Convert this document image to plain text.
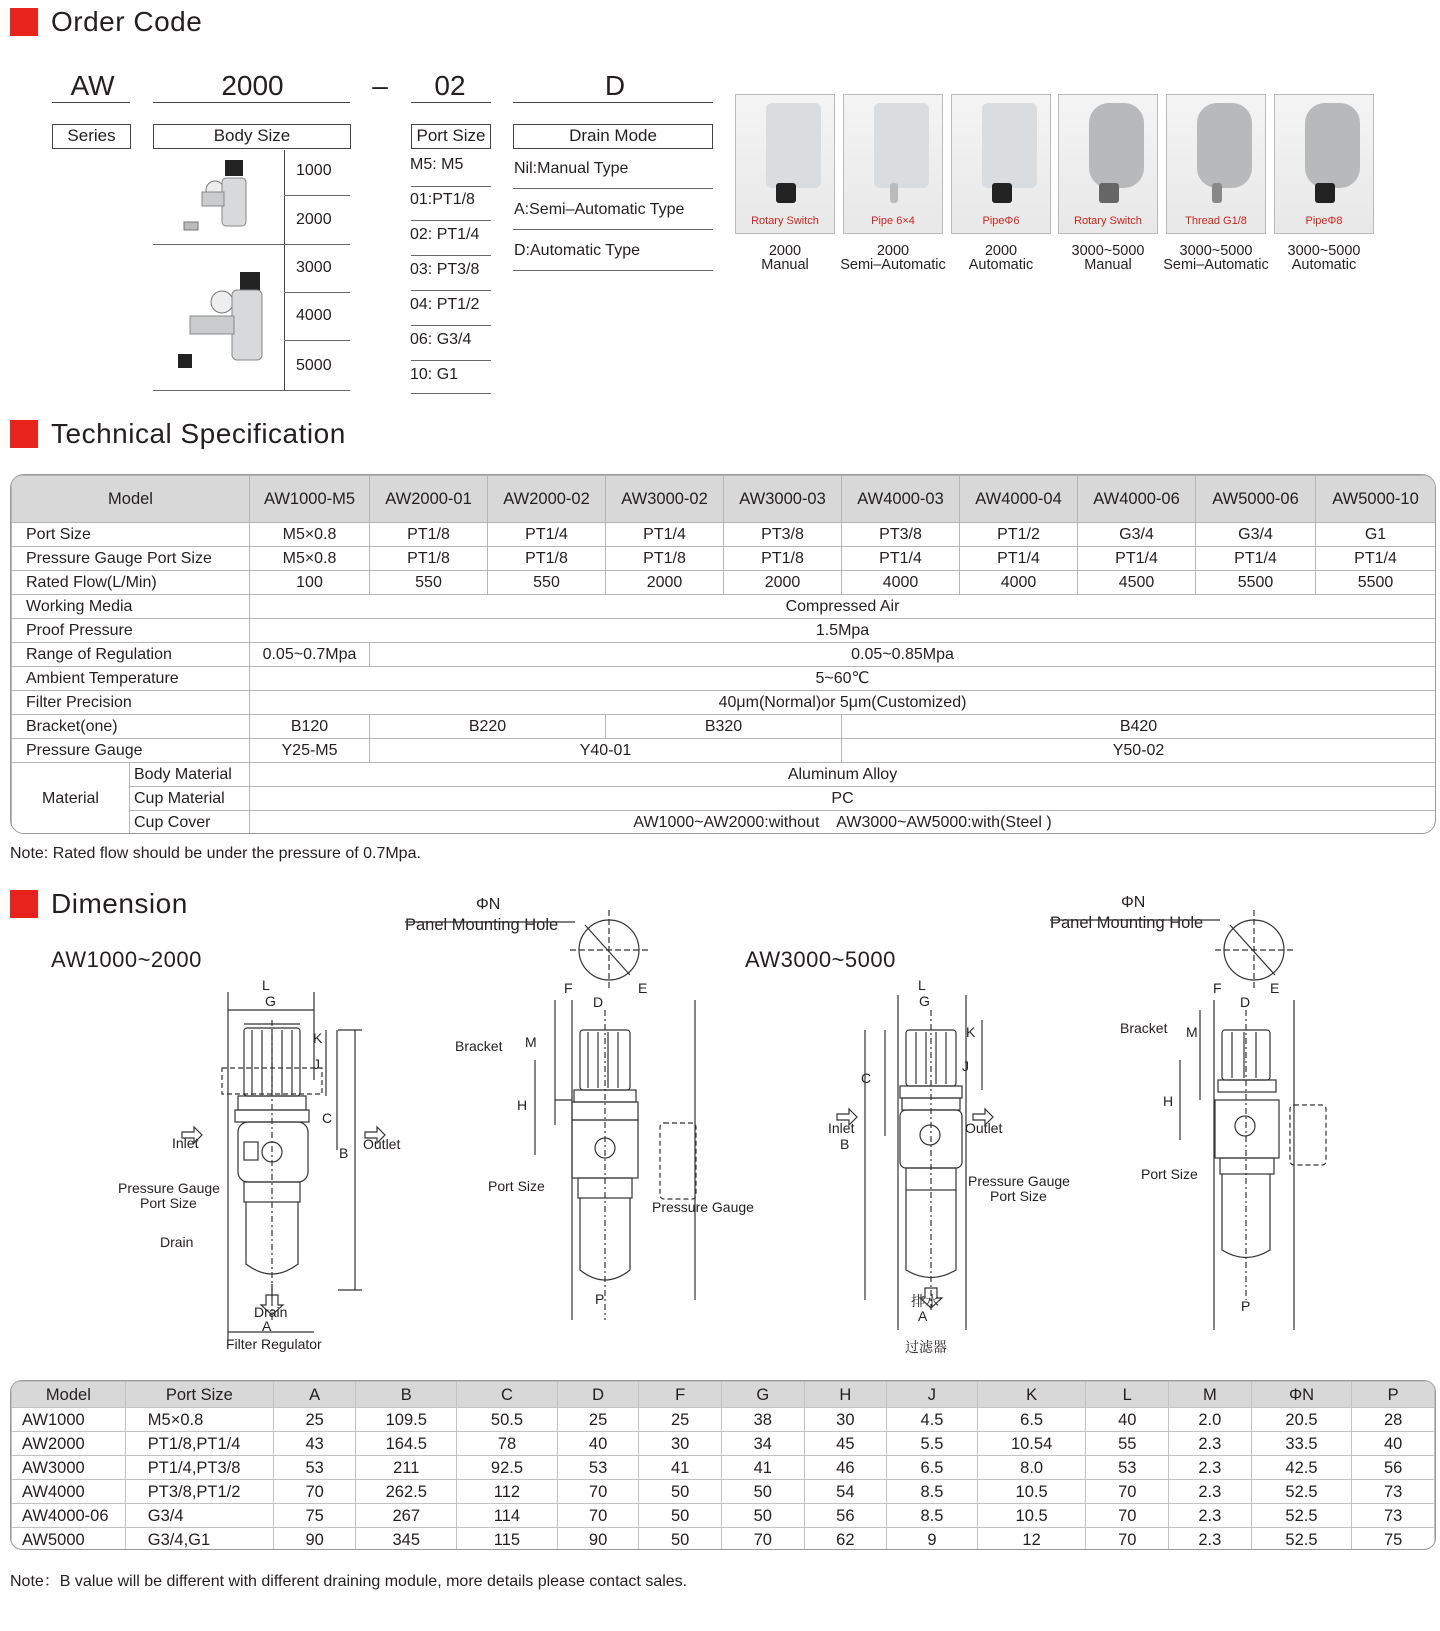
Order Code
AW	2000	–	02	D
Series	Body Size	Port Size	Drain Mode
1000
2000
3000
4000
5000
M5: M5
01:PT1/8
02: PT1/4
03: PT3/8
04: PT1/2
06: G3/4
10: G1
Nil:Manual Type
A:Semi–Automatic Type
D:Automatic Type
Rotary Switch	Pipe 6×4	PipeΦ6	Rotary Switch	Thread G1/8	PipeΦ8
2000
Manual
2000
Semi–Automatic
2000
Automatic
3000~5000
Manual
3000~5000
Semi–Automatic
3000~5000
Automatic
Technical Specification
Model		AW1000-M5	AW2000-01	AW2000-02	AW3000-02	AW3000-03	AW4000-03	AW4000-04	AW4000-06	AW5000-06	AW5000-10
Port Size		M5×0.8	PT1/8	PT1/4	PT1/4	PT3/8	PT3/8	PT1/2	G3/4	G3/4	G1
Pressure Gauge Port Size		M5×0.8	PT1/8	PT1/8	PT1/8	PT1/8	PT1/4	PT1/4	PT1/4	PT1/4	PT1/4
Rated Flow(L/Min)		100	550	550	2000	2000	4000	4000	4500	5500	5500
Working Media		Compressed Air									
Proof Pressure		1.5Mpa									
Range of Regulation		0.05~0.7Mpa	0.05~0.85Mpa								
Ambient Temperature		5~60℃									
Filter Precision		40μm(Normal)or 5μm(Customized)									
Bracket(one)		B120	B220		B320		B420				
Pressure Gauge		Y25-M5	Y40-01				Y50-02				
Material	Body Material	Aluminum Alloy									
	Cup Material	PC									
	Cup Cover	AW1000~AW2000:without    AW3000~AW5000:with(Steel )									
Note: Rated flow should be under the pressure of 0.7Mpa.
Dimension
AW1000~2000	AW3000~5000
ΦN
Panel Mounting Hole
ΦN
Panel Mounting Hole
Inlet	Outlet
Pressure Gauge
Port Size
Drain
Drain
Filter Regulator
Bracket
Port Size
Pressure Gauge
Inlet	Outlet
Pressure Gauge
Port Size
排水
过滤器
Bracket
Port Size
L
G
K
J
C
B
A
F
D
E
M
H
P
L
G
K
J
C
B
A
F
D
E
M
H
P
Model	Port Size	A	B	C	D	F	G	H	J	K	L	M	ΦN	P
AW1000	M5×0.8	25	109.5	50.5	25	25	38	30	4.5	6.5	40	2.0	20.5	28
AW2000	PT1/8,PT1/4	43	164.5	78	40	30	34	45	5.5	10.54	55	2.3	33.5	40
AW3000	PT1/4,PT3/8	53	211	92.5	53	41	41	46	6.5	8.0	53	2.3	42.5	56
AW4000	PT3/8,PT1/2	70	262.5	112	70	50	50	54	8.5	10.5	70	2.3	52.5	73
AW4000-06	G3/4	75	267	114	70	50	50	56	8.5	10.5	70	2.3	52.5	73
AW5000	G3/4,G1	90	345	115	90	50	70	62	9	12	70	2.3	52.5	75
Note：B value will be different with different draining module, more details please contact sales.
